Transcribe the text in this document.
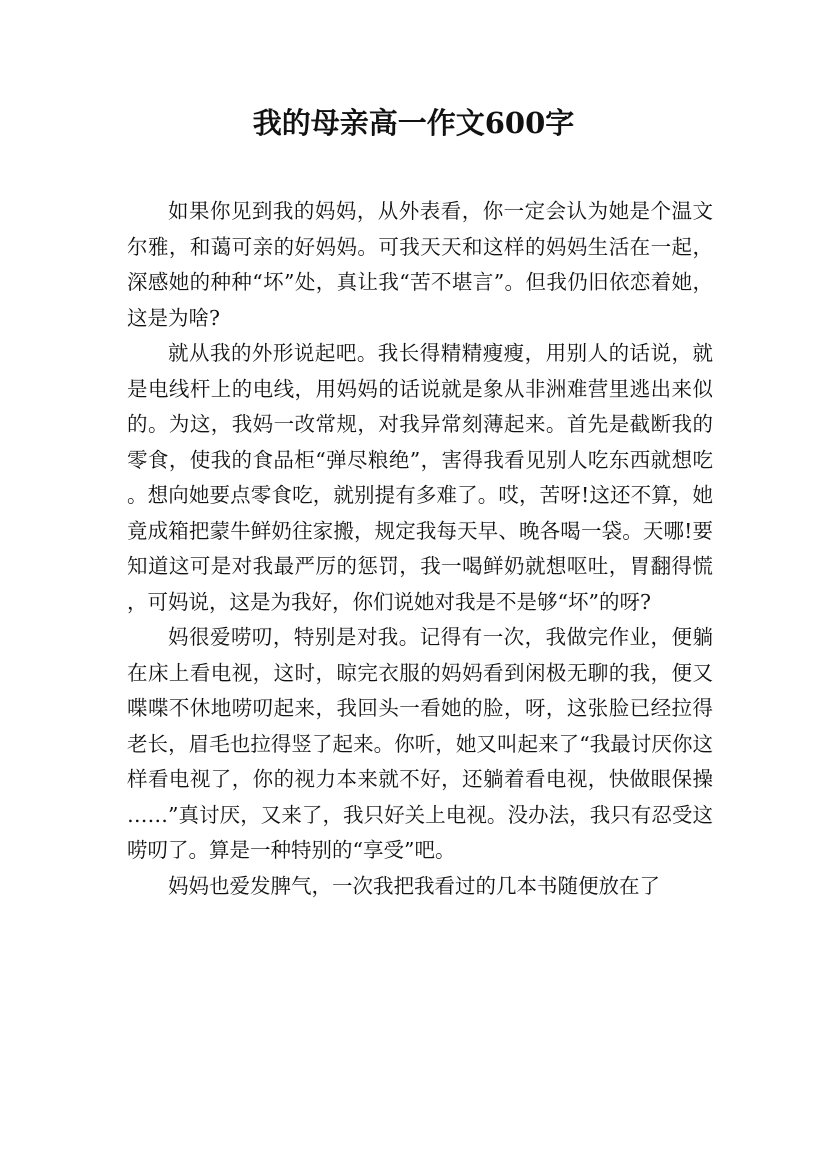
我的母亲高一作文600字

如果你见到我的妈妈，从外表看，你一定会认为她是个温文尔雅，和蔼可亲的好妈妈。可我天天和这样的妈妈生活在一起，深感她的种种“坏”处，真让我“苦不堪言”。但我仍旧依恋着她，这是为啥?

就从我的外形说起吧。我长得精精瘦瘦，用别人的话说，就是电线杆上的电线，用妈妈的话说就是象从非洲难营里逃出来似的。为这，我妈一改常规，对我异常刻薄起来。首先是截断我的零食，使我的食品柜“弹尽粮绝”，害得我看见别人吃东西就想吃。想向她要点零食吃，就别提有多难了。哎，苦呀!这还不算，她竟成箱把蒙牛鲜奶往家搬，规定我每天早、晚各喝一袋。天哪!要知道这可是对我最严厉的惩罚，我一喝鲜奶就想呕吐，胃翻得慌，可妈说，这是为我好，你们说她对我是不是够“坏”的呀?

妈很爱唠叨，特别是对我。记得有一次，我做完作业，便躺在床上看电视，这时，晾完衣服的妈妈看到闲极无聊的我，便又喋喋不休地唠叨起来，我回头一看她的脸，呀，这张脸已经拉得老长，眉毛也拉得竖了起来。你听，她又叫起来了“我最讨厌你这样看电视了，你的视力本来就不好，还躺着看电视，快做眼保操……”真讨厌，又来了，我只好关上电视。没办法，我只有忍受这唠叨了。算是一种特别的“享受”吧。

妈妈也爱发脾气，一次我把我看过的几本书随便放在了
